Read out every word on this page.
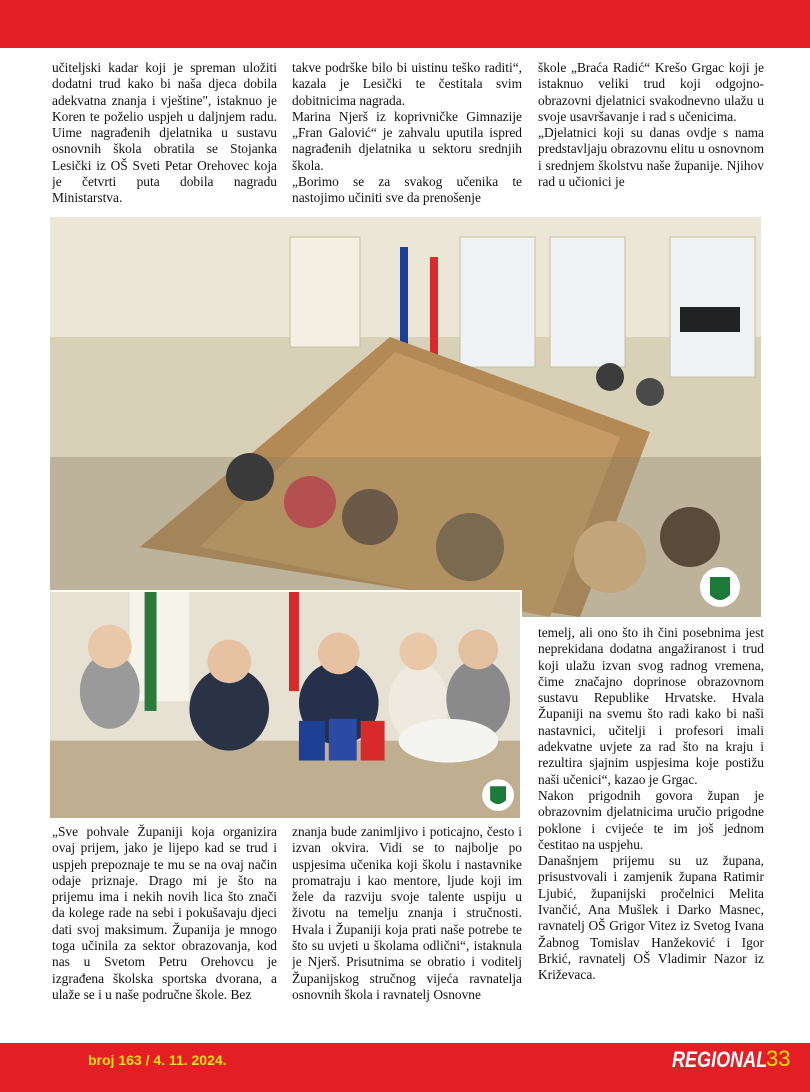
učiteljski kadar koji je spreman uložiti dodatni trud kako bi naša djeca dobila adekvatna znanja i vještine", istaknuo je Koren te poželio uspjeh u daljnjem radu. Uime nagrađenih djelatnika u sustavu osnovnih škola obratila se Stojanka Lesički iz OŠ Sveti Petar Orehovec koja je četvrti puta dobila nagradu Ministarstva.

takve podrške bilo bi uistinu teško raditi“, kazala je Lesički te čestitala svim dobitnicima nagrada.

Marina Njerš iz koprivničke Gimnazije „Fran Galović“ je zahvalu uputila ispred nagrađenih djelatnika u sektoru srednjih škola.

„Borimo se za svakog učenika te nastojimo učiniti sve da prenošenje

škole „Braća Radić“ Krešo Grgac koji je istaknuo veliki trud koji odgojno-obrazovni djelatnici svakodnevno ulažu u svoje usavršavanje i rad s učenicima.

„Djelatnici koji su danas ovdje s nama predstavljaju obrazovnu elitu u osnovnom i srednjem školstvu naše županije. Njihov rad u učionici je

„Sve pohvale Županiji koja organizira ovaj prijem, jako je lijepo kad se trud i uspjeh prepoznaje te mu se na ovaj način odaje priznaje. Drago mi je što na prijemu ima i nekih novih lica što znači da kolege rade na sebi i pokušavaju djeci dati svoj maksimum. Županija je mnogo toga učinila za sektor obrazovanja, kod nas u Svetom Petru Orehovcu je izgrađena školska sportska dvorana, a ulaže se i u naše područne škole. Bez

znanja bude zanimljivo i poticajno, često i izvan okvira. Vidi se to najbolje po uspjesima učenika koji školu i nastavnike promatraju i kao mentore, ljude koji im žele da razviju svoje talente uspiju u životu na temelju znanja i stručnosti. Hvala i Županiji koja prati naše potrebe te što su uvjeti u školama odlični“, istaknula je Njerš. Prisutnima se obratio i voditelj Županijskog stručnog vijeća ravnatelja osnovnih škola i ravnatelj Osnovne

temelj, ali ono što ih čini posebnima jest neprekidana dodatna angažiranost i trud koji ulažu izvan svog radnog vremena, čime značajno doprinose obrazovnom sustavu Republike Hrvatske. Hvala Županiji na svemu što radi kako bi naši nastavnici, učitelji i profesori imali adekvatne uvjete za rad što na kraju i rezultira sjajnim uspjesima koje postižu naši učenici“, kazao je Grgac.

Nakon prigodnih govora župan je obrazovnim djelatnicima uručio prigodne poklone i cvijeće te im još jednom čestitao na uspjehu.

Današnjem prijemu su uz župana, prisustvovali i zamjenik župana Ratimir Ljubić, županijski pročelnici Melita Ivančić, Ana Mušlek i Darko Masnec, ravnatelj OŠ Grigor Vitez iz Svetog Ivana Žabnog Tomislav Hanžeković i Igor Brkić, ravnatelj OŠ Vladimir Nazor iz Križevaca.

broj 163 / 4. 11. 2024.	REGIONAL
33
